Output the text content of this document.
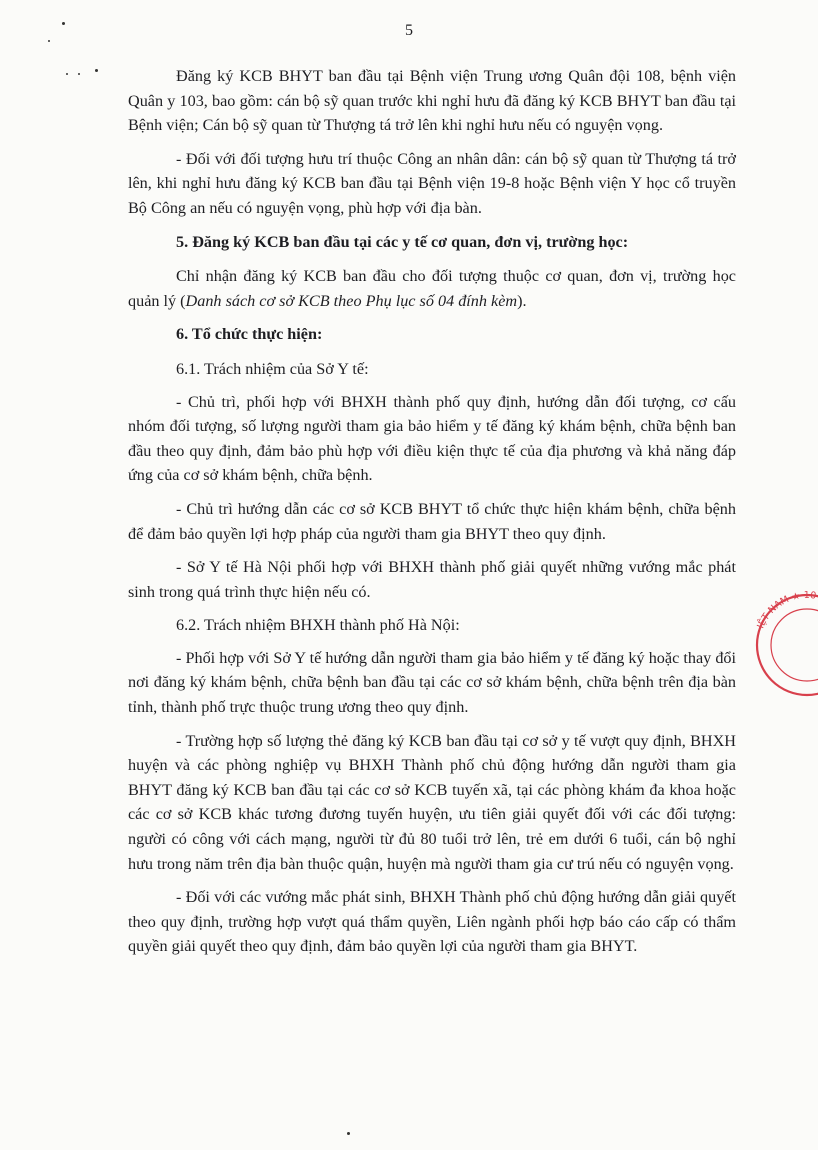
5

Đăng ký KCB BHYT ban đầu tại Bệnh viện Trung ương Quân đội 108, bệnh viện Quân y 103, bao gồm: cán bộ sỹ quan trước khi nghỉ hưu đã đăng ký KCB BHYT ban đầu tại Bệnh viện; Cán bộ sỹ quan từ Thượng tá trở lên khi nghỉ hưu nếu có nguyện vọng.

- Đối với đối tượng hưu trí thuộc Công an nhân dân: cán bộ sỹ quan từ Thượng tá trở lên, khi nghỉ hưu đăng ký KCB ban đầu tại Bệnh viện 19-8 hoặc Bệnh viện Y học cổ truyền Bộ Công an nếu có nguyện vọng, phù hợp với địa bàn.

5. Đăng ký KCB ban đầu tại các y tế cơ quan, đơn vị, trường học:

Chỉ nhận đăng ký KCB ban đầu cho đối tượng thuộc cơ quan, đơn vị, trường học quản lý (Danh sách cơ sở KCB theo Phụ lục số 04 đính kèm).

6. Tổ chức thực hiện:

6.1. Trách nhiệm của Sở Y tế:

- Chủ trì, phối hợp với BHXH thành phố quy định, hướng dẫn đối tượng, cơ cấu nhóm đối tượng, số lượng người tham gia bảo hiểm y tế đăng ký khám bệnh, chữa bệnh ban đầu theo quy định, đảm bảo phù hợp với điều kiện thực tế của địa phương và khả năng đáp ứng của cơ sở khám bệnh, chữa bệnh.

- Chủ trì hướng dẫn các cơ sở KCB BHYT tổ chức thực hiện khám bệnh, chữa bệnh để đảm bảo quyền lợi hợp pháp của người tham gia BHYT theo quy định.

- Sở Y tế Hà Nội phối hợp với BHXH thành phố giải quyết những vướng mắc phát sinh trong quá trình thực hiện nếu có.

6.2. Trách nhiệm BHXH thành phố Hà Nội:

- Phối hợp với Sở Y tế hướng dẫn người tham gia bảo hiểm y tế đăng ký hoặc thay đổi nơi đăng ký khám bệnh, chữa bệnh ban đầu tại các cơ sở khám bệnh, chữa bệnh trên địa bàn tỉnh, thành phố trực thuộc trung ương theo quy định.

- Trường hợp số lượng thẻ đăng ký KCB ban đầu tại cơ sở y tế vượt quy định, BHXH huyện và các phòng nghiệp vụ BHXH Thành phố chủ động hướng dẫn người tham gia BHYT đăng ký KCB ban đầu tại các cơ sở KCB tuyến xã, tại các phòng khám đa khoa hoặc các cơ sở KCB khác tương đương tuyến huyện, ưu tiên giải quyết đối với các đối tượng: người có công với cách mạng, người từ đủ 80 tuổi trở lên, trẻ em dưới 6 tuổi, cán bộ nghỉ hưu trong năm trên địa bàn thuộc quận, huyện mà người tham gia cư trú nếu có nguyện vọng.

- Đối với các vướng mắc phát sinh, BHXH Thành phố chủ động hướng dẫn giải quyết theo quy định, trường hợp vượt quá thẩm quyền, Liên ngành phối hợp báo cáo cấp có thẩm quyền giải quyết theo quy định, đảm bảo quyền lợi của người tham gia BHYT.

IỆT NAM ★ 10
